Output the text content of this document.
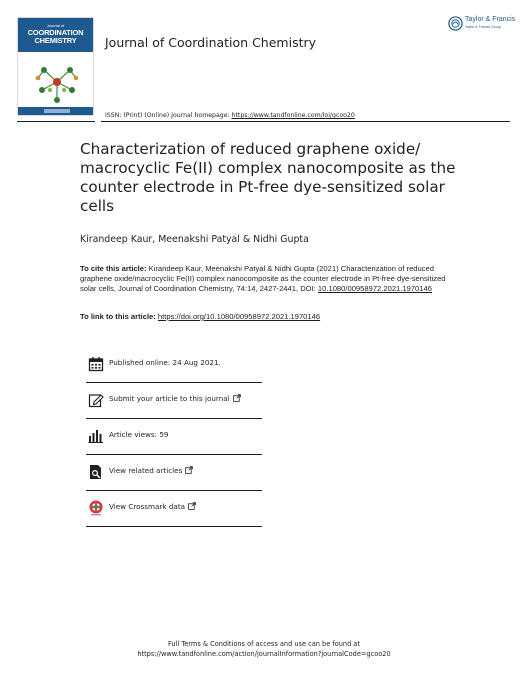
Journal of
COORDINATION
CHEMISTRY	Journal of Coordination Chemistry
Taylor & Francis
Taylor & Francis Group
ISSN: (Print) (Online) Journal homepage: https://www.tandfonline.com/loi/gcoo20
Characterization of reduced graphene oxide/ macrocyclic Fe(II) complex nanocomposite as the counter electrode in Pt-free dye-sensitized solar cells
Kirandeep Kaur, Meenakshi Patyal & Nidhi Gupta
To cite this article: Kirandeep Kaur, Meenakshi Patyal & Nidhi Gupta (2021) Characterization of reduced graphene oxide/macrocyclic Fe(II) complex nanocomposite as the counter electrode in Pt-free dye-sensitized solar cells, Journal of Coordination Chemistry, 74:14, 2427-2441, DOI: 10.1080/00958972.2021.1970146
To link to this article: https://doi.org/10.1080/00958972.2021.1970146
Published online: 24 Aug 2021.
Submit your article to this journal
Article views: 59
View related articles
View Crossmark data
Full Terms & Conditions of access and use can be found at
https://www.tandfonline.com/action/journalInformation?journalCode=gcoo20
